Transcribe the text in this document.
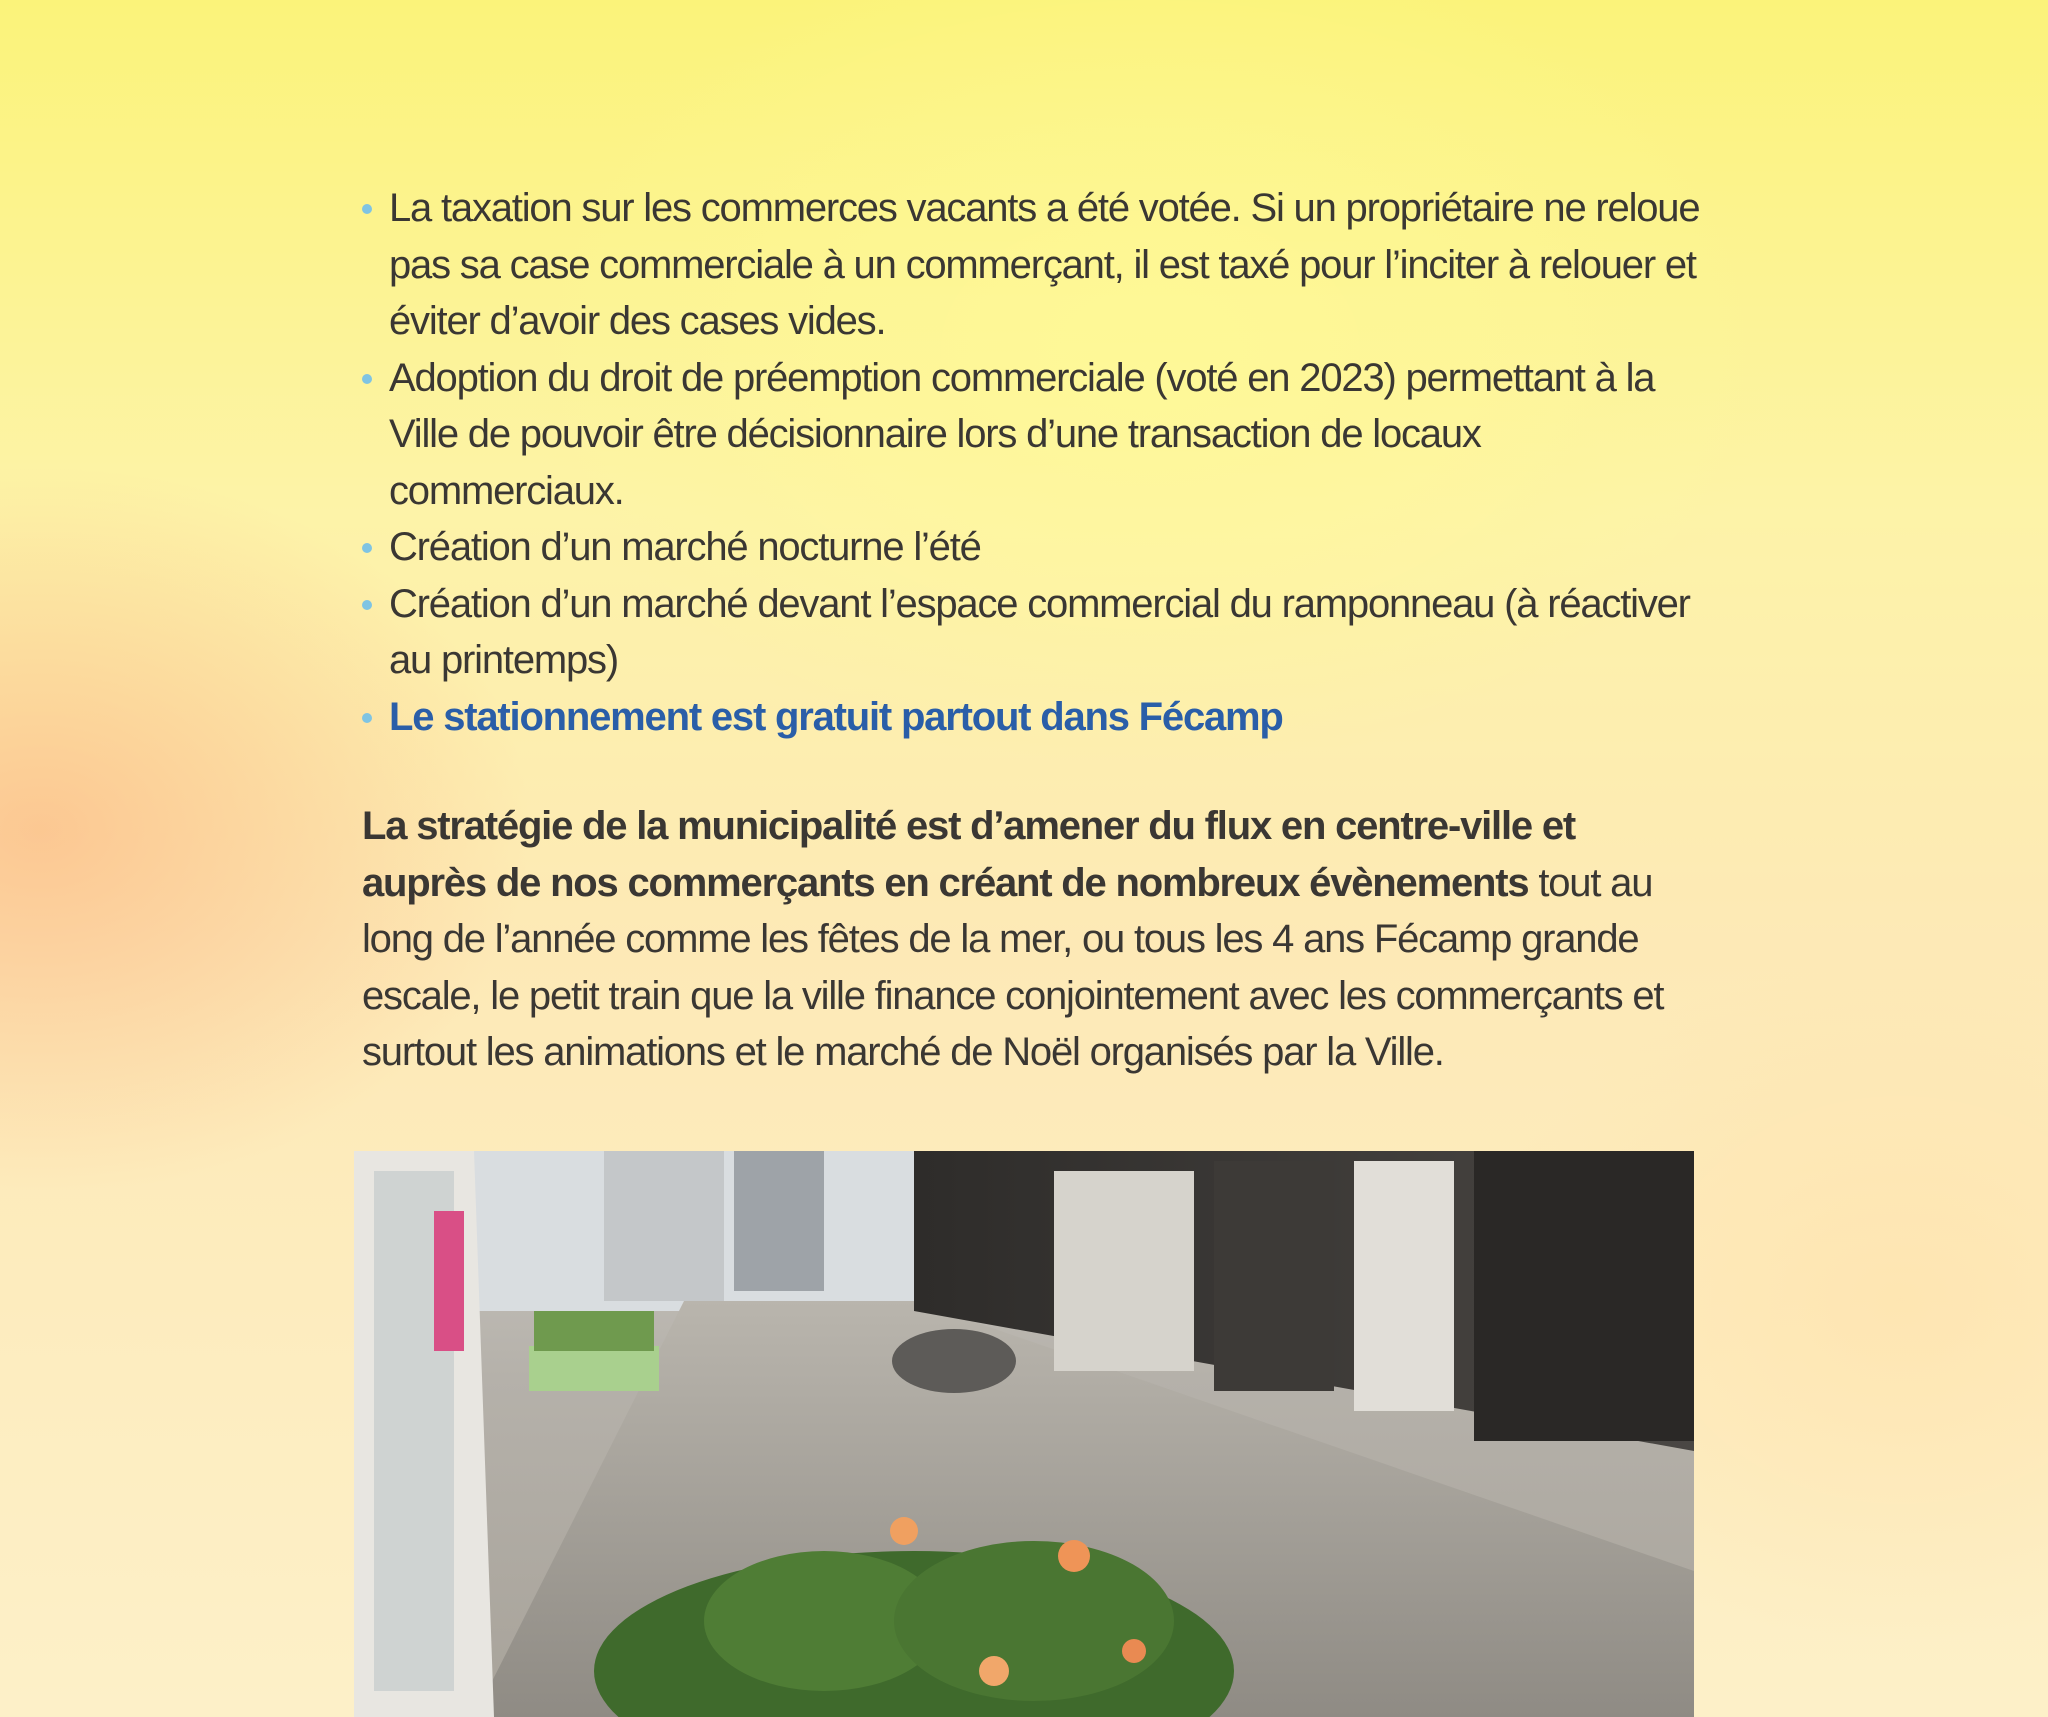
La taxation sur les commerces vacants a été votée. Si un propriétaire ne reloue pas sa case commerciale à un commerçant, il est taxé pour l’inciter à relouer et éviter d’avoir des cases vides.
Adoption du droit de préemption commerciale (voté en 2023) permettant à la Ville de pouvoir être décisionnaire lors d’une transaction de locaux commerciaux.
Création d’un marché nocturne l’été
Création d’un marché devant l’espace commercial du ramponneau (à réactiver au printemps)
Le stationnement est gratuit partout dans Fécamp

La stratégie de la municipalité est d’amener du flux en centre-ville et auprès de nos commerçants en créant de nombreux évènements tout au long de l’année comme les fêtes de la mer, ou tous les 4 ans Fécamp grande escale, le petit train que la ville finance conjointement avec les commerçants et surtout les animations et le marché de Noël organisés par la Ville.
